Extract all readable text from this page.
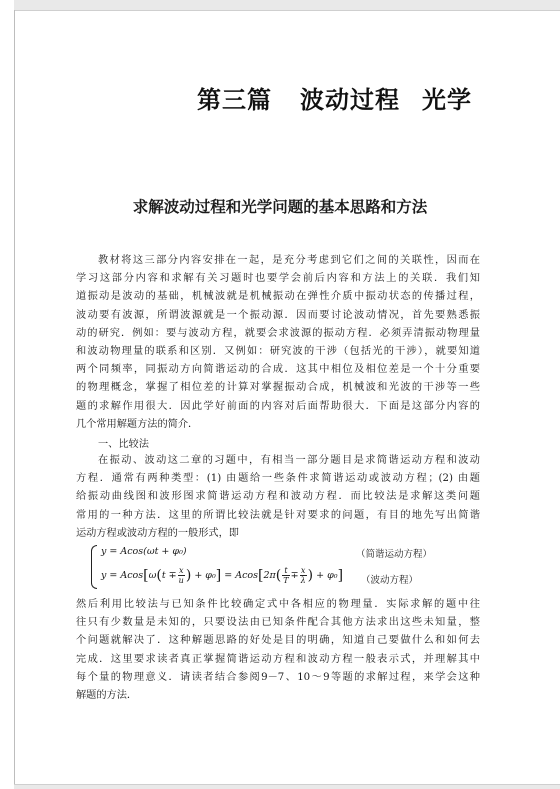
第三篇 波动过程 光学
求解波动过程和光学问题的基本思路和方法
教材将这三部分内容安排在一起，是充分考虑到它们之间的关联性，因而在
学习这部分内容和求解有关习题时也要学会前后内容和方法上的关联．我们知
道振动是波动的基础，机械波就是机械振动在弹性介质中振动状态的传播过程，
波动要有波源，所谓波源就是一个振动源．因而要讨论波动情况，首先要熟悉振
动的研究．例如：要与波动方程，就要会求波源的振动方程．必须弄清振动物理量
和波动物理量的联系和区别．又例如：研究波的干涉（包括光的干涉），就要知道
两个同频率，同振动方向简谐运动的合成．这其中相位及相位差是一个十分重要
的物理概念，掌握了相位差的计算对掌握振动合成，机械波和光波的干涉等一些
题的求解作用很大．因此学好前面的内容对后面帮助很大．下面是这部分内容的
几个常用解题方法的简介．
一、比较法
在振动、波动这二章的习题中，有相当一部分题目是求简谐运动方程和波动
方程．通常有两种类型：(1) 由题给一些条件求简谐运动或波动方程；(2) 由题
给振动曲线图和波形图求简谐运动方程和波动方程．而比较法是求解这类问题
常用的一种方法．这里的所谓比较法就是针对要求的问题，有目的地先写出简谐
运动方程或波动方程的一般形式，即
y = Acos(ωt + φ₀)	（简谐运动方程）
$y = Acos[\omega(t \mp \frac{x}{u}$ ) + $\varphi_0] = Acos[2\pi( \frac{t}{T} \mp \frac{x}{\lambda}$ ) + φ₀] （波动方程）
然后利用比较法与已知条件比较确定式中各相应的物理量．实际求解的题中往
往只有少数量是未知的，只要设法由已知条件配合其他方法求出这些未知量，整
个问题就解决了．这种解题思路的好处是目的明确，知道自己要做什么和如何去
完成．这里要求读者真正掌握简谐运动方程和波动方程一般表示式，并理解其中
每个量的物理意义．请读者结合参阅9－7、10～9等题的求解过程，来学会这种
解题的方法．
